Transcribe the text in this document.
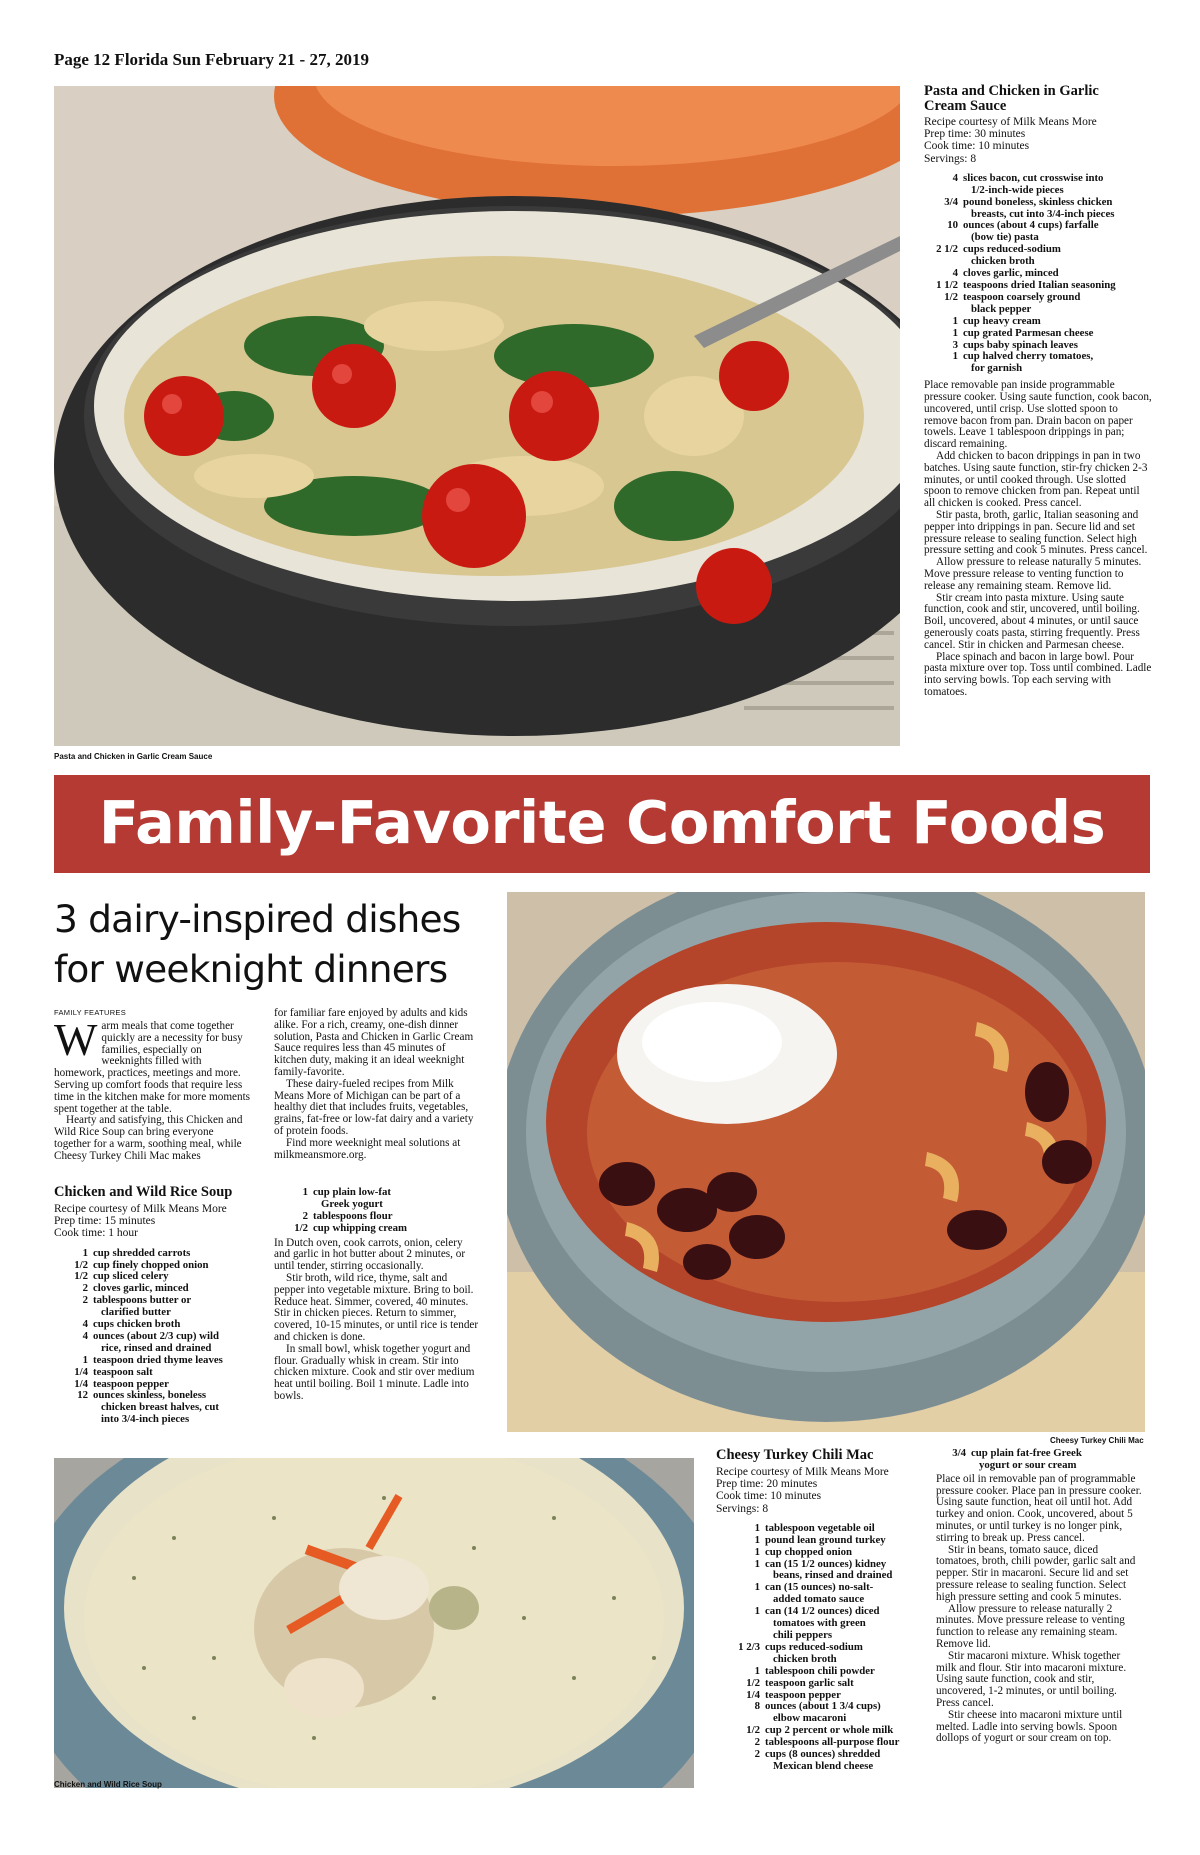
Page 12 Florida Sun February 21 - 27, 2019
Pasta and Chicken in Garlic Cream Sauce
Pasta and Chicken in Garlic
Cream Sauce
Recipe courtesy of Milk Means More
Prep time: 30 minutes
Cook time: 10 minutes
Servings: 8
4 slices bacon, cut crosswise into
1/2-inch-wide pieces
3/4 pound boneless, skinless chicken
breasts, cut into 3/4-inch pieces
10 ounces (about 4 cups) farfalle
(bow tie) pasta
2 1/2 cups reduced-sodium
chicken broth
4 cloves garlic, minced
1 1/2 teaspoons dried Italian seasoning
1/2 teaspoon coarsely ground
black pepper
1 cup heavy cream
1 cup grated Parmesan cheese
3 cups baby spinach leaves
1 cup halved cherry tomatoes,
for garnish

Place removable pan inside programmable pressure cooker. Using saute function, cook bacon, uncovered, until crisp. Use slotted spoon to remove bacon from pan. Drain bacon on paper towels. Leave 1 tablespoon drippings in pan; discard remaining.

Add chicken to bacon drippings in pan in two batches. Using saute function, stir-fry chicken 2-3 minutes, or until cooked through. Use slotted spoon to remove chicken from pan. Repeat until all chicken is cooked. Press cancel.

Stir pasta, broth, garlic, Italian seasoning and pepper into drippings in pan. Secure lid and set pressure release to sealing function. Select high pressure setting and cook 5 minutes. Press cancel.

Allow pressure to release naturally 5 minutes. Move pressure release to venting function to release any remaining steam. Remove lid.

Stir cream into pasta mixture. Using saute function, cook and stir, uncovered, until boiling. Boil, uncovered, about 4 minutes, or until sauce generously coats pasta, stirring frequently. Press cancel. Stir in chicken and Parmesan cheese.

Place spinach and bacon in large bowl. Pour pasta mixture over top. Toss until combined. Ladle into serving bowls. Top each serving with tomatoes.

Family-Favorite Comfort Foods
3 dairy-inspired dishes
for weeknight dinners
FAMILY FEATURES
W arm meals that come together quickly are a necessity for busy families, especially on weeknights filled with homework, practices, meetings and more. Serving up comfort foods that require less time in the kitchen make for more moments spent together at the table.

Hearty and satisfying, this Chicken and Wild Rice Soup can bring everyone together for a warm, soothing meal, while Cheesy Turkey Chili Mac makes

for familiar fare enjoyed by adults and kids alike. For a rich, creamy, one-dish dinner solution, Pasta and Chicken in Garlic Cream Sauce requires less than 45 minutes of kitchen duty, making it an ideal weeknight family-favorite.

These dairy-fueled recipes from Milk Means More of Michigan can be part of a healthy diet that includes fruits, vegetables, grains, fat-free or low-fat dairy and a variety of protein foods.

Find more weeknight meal solutions at milkmeansmore.org.

Chicken and Wild Rice Soup
Recipe courtesy of Milk Means More
Prep time: 15 minutes
Cook time: 1 hour
1 cup shredded carrots
1/2 cup finely chopped onion
1/2 cup sliced celery
2 cloves garlic, minced
2 tablespoons butter or
clarified butter
4 cups chicken broth
4 ounces (about 2/3 cup) wild
rice, rinsed and drained
1 teaspoon dried thyme leaves
1/4 teaspoon salt
1/4 teaspoon pepper
12 ounces skinless, boneless
chicken breast halves, cut
into 3/4-inch pieces
1 cup plain low-fat
Greek yogurt
2 tablespoons flour
1/2 cup whipping cream

In Dutch oven, cook carrots, onion, celery and garlic in hot butter about 2 minutes, or until tender, stirring occasionally.

Stir broth, wild rice, thyme, salt and pepper into vegetable mixture. Bring to boil. Reduce heat. Simmer, covered, 40 minutes. Stir in chicken pieces. Return to simmer, covered, 10-15 minutes, or until rice is tender and chicken is done.

In small bowl, whisk together yogurt and flour. Gradually whisk in cream. Stir into chicken mixture. Cook and stir over medium heat until boiling. Boil 1 minute. Ladle into bowls.

Cheesy Turkey Chili Mac
Chicken and Wild Rice Soup
Cheesy Turkey Chili Mac
Recipe courtesy of Milk Means More
Prep time: 20 minutes
Cook time: 10 minutes
Servings: 8
1 tablespoon vegetable oil
1 pound lean ground turkey
1 cup chopped onion
1 can (15 1/2 ounces) kidney
beans, rinsed and drained
1 can (15 ounces) no-salt-
added tomato sauce
1 can (14 1/2 ounces) diced
tomatoes with green
chili peppers
1 2/3 cups reduced-sodium
chicken broth
1 tablespoon chili powder
1/2 teaspoon garlic salt
1/4 teaspoon pepper
8 ounces (about 1 3/4 cups)
elbow macaroni
1/2 cup 2 percent or whole milk
2 tablespoons all-purpose flour
2 cups (8 ounces) shredded
Mexican blend cheese
3/4 cup plain fat-free Greek
yogurt or sour cream

Place oil in removable pan of programmable pressure cooker. Place pan in pressure cooker. Using saute function, heat oil until hot. Add turkey and onion. Cook, uncovered, about 5 minutes, or until turkey is no longer pink, stirring to break up. Press cancel.

Stir in beans, tomato sauce, diced tomatoes, broth, chili powder, garlic salt and pepper. Stir in macaroni. Secure lid and set pressure release to sealing function. Select high pressure setting and cook 5 minutes.

Allow pressure to release naturally 2 minutes. Move pressure release to venting function to release any remaining steam. Remove lid.

Stir macaroni mixture. Whisk together milk and flour. Stir into macaroni mixture. Using saute function, cook and stir, uncovered, 1-2 minutes, or until boiling. Press cancel.

Stir cheese into macaroni mixture until melted. Ladle into serving bowls. Spoon dollops of yogurt or sour cream on top.
